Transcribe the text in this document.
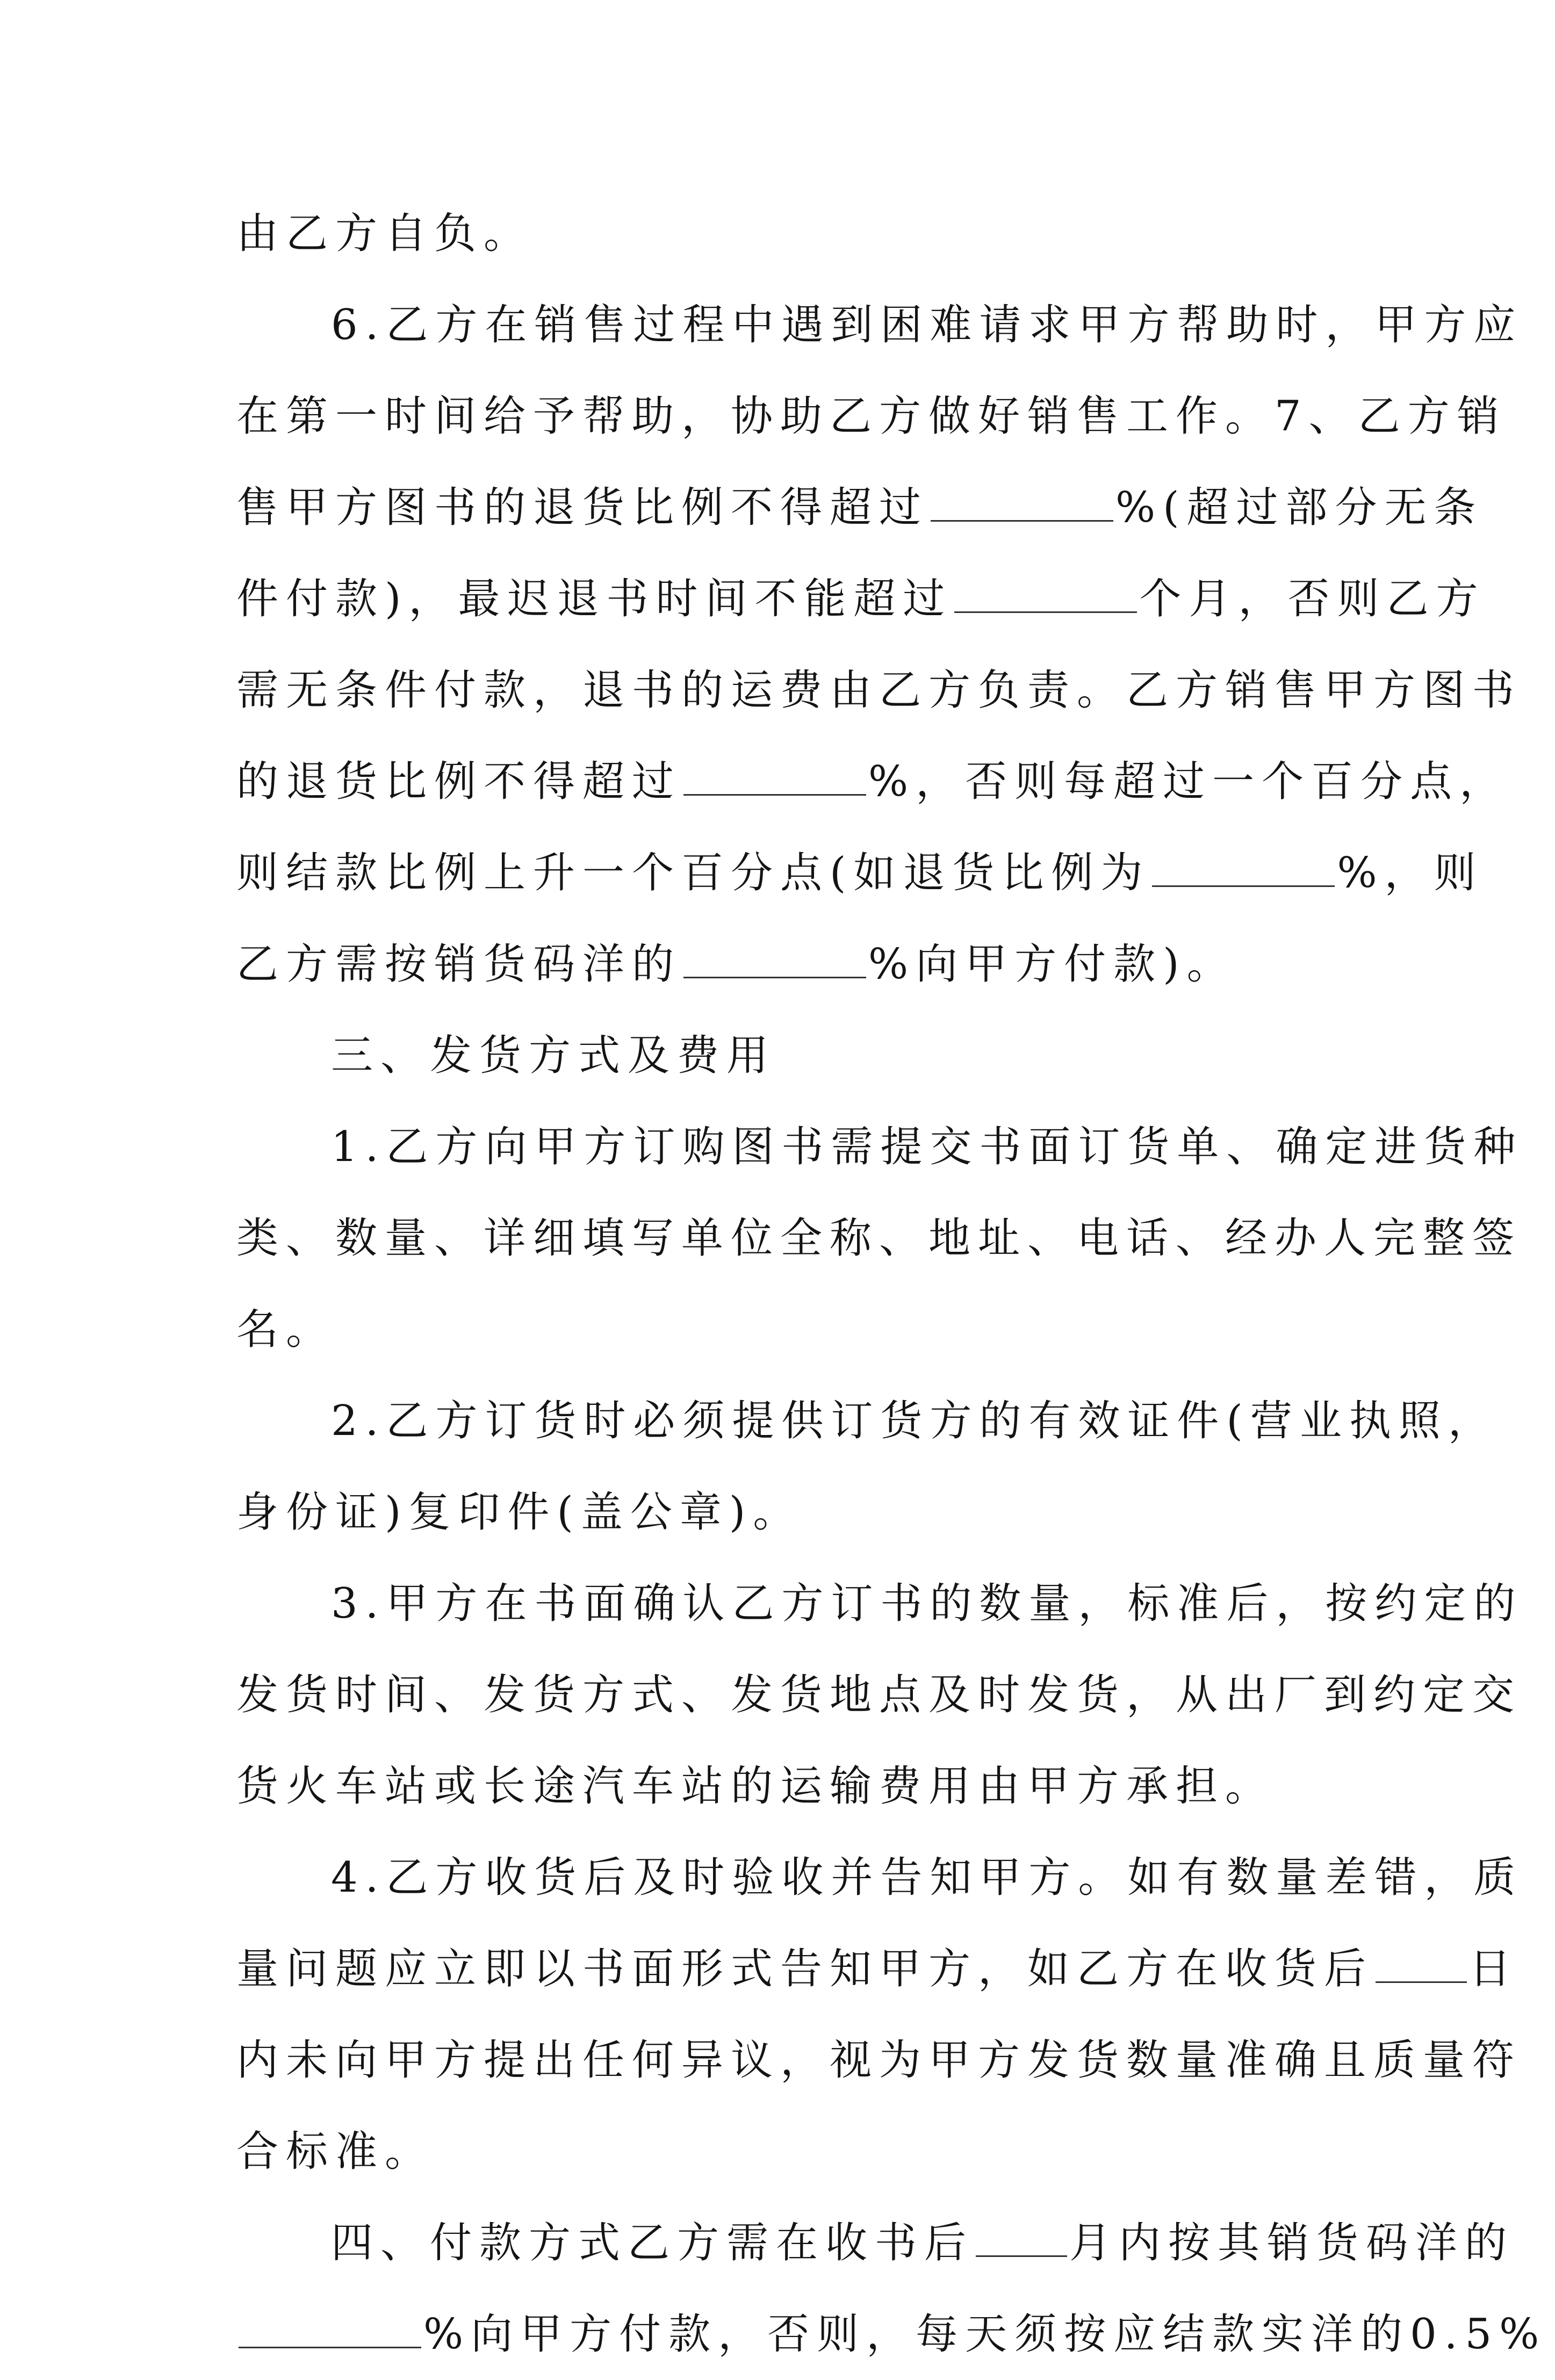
由乙方自负。
6.乙方在销售过程中遇到困难请求甲方帮助时，甲方应
在第一时间给予帮助，协助乙方做好销售工作。7、乙方销
售甲方图书的退货比例不得超过	%(超过部分无条
件付款)，最迟退书时间不能超过	个月，否则乙方
需无条件付款，退书的运费由乙方负责。乙方销售甲方图书
的退货比例不得超过	%，否则每超过一个百分点，
则结款比例上升一个百分点(如退货比例为	%，则
乙方需按销货码洋的	%向甲方付款)。
三、发货方式及费用
1.乙方向甲方订购图书需提交书面订货单、确定进货种
类、数量、详细填写单位全称、地址、电话、经办人完整签
名。
2.乙方订货时必须提供订货方的有效证件(营业执照，
身份证)复印件(盖公章)。
3.甲方在书面确认乙方订书的数量，标准后，按约定的
发货时间、发货方式、发货地点及时发货，从出厂到约定交
货火车站或长途汽车站的运输费用由甲方承担。
4.乙方收货后及时验收并告知甲方。如有数量差错，质
量问题应立即以书面形式告知甲方，如乙方在收货后 日
内未向甲方提出任何异议，视为甲方发货数量准确且质量符
合标准。
四、付款方式乙方需在收书后 月内按其销货码洋的
%向甲方付款，否则，每天须按应结款实洋的0.5%
